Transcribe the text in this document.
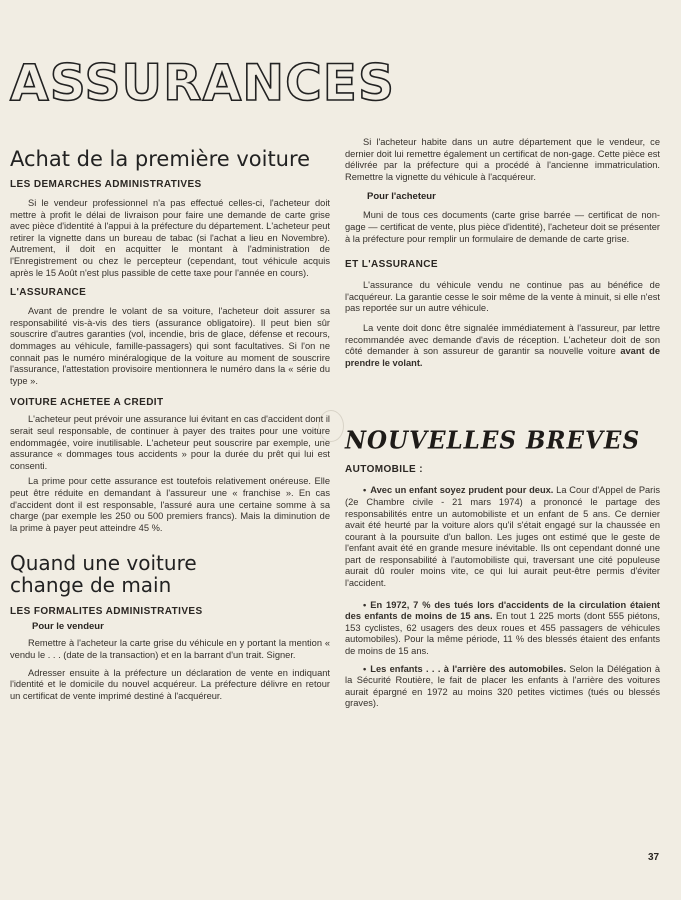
ASSURANCES
Achat de la première voiture
LES DEMARCHES ADMINISTRATIVES

Si le vendeur professionnel n'a pas effectué celles-ci, l'acheteur doit mettre à profit le délai de livraison pour faire une demande de carte grise avec pièce d'identité à l'appui à la préfecture du département. L'acheteur peut retirer la vignette dans un bureau de tabac (si l'achat a lieu en Novembre). Autrement, il doit en acquitter le montant à l'administration de l'Enregistrement ou chez le percepteur (cependant, tout véhicule acquis après le 15 Août n'est plus passible de cette taxe pour l'année en cours).

L'ASSURANCE

Avant de prendre le volant de sa voiture, l'acheteur doit assurer sa responsabilité vis-à-vis des tiers (assurance obligatoire). Il peut bien sûr souscrire d'autres garanties (vol, incendie, bris de glace, défense et recours, dommages au véhicule, famille-passagers) qui sont facultatives. Si l'on ne connait pas le numéro minéralogique de la voiture au moment de souscrire l'assurance, l'attestation provisoire mentionnera le numéro dans la « série du type ».

VOITURE ACHETEE A CREDIT

L'acheteur peut prévoir une assurance lui évitant en cas d'accident dont il serait seul responsable, de continuer à payer des traites pour une voiture endommagée, voire inutilisable. L'acheteur peut souscrire par exemple, une assurance « dommages tous accidents » pour la durée du prêt qui lui est consenti.

La prime pour cette assurance est toutefois relativement onéreuse. Elle peut être réduite en demandant à l'assureur une « franchise ». En cas d'accident dont il est responsable, l'assuré aura une certaine somme à sa charge (par exemple les 250 ou 500 premiers francs). Mais la diminution de la prime à payer peut atteindre 45 %.

Quand une voiture change de main
LES FORMALITES ADMINISTRATIVES
Pour le vendeur

Remettre à l'acheteur la carte grise du véhicule en y portant la mention « vendu le . . . (date de la transaction) et en la barrant d'un trait. Signer.

Adresser ensuite à la préfecture un déclaration de vente en indiquant l'identité et le domicile du nouvel acquéreur. La préfecture délivre en retour un certificat de vente imprimé destiné à l'acquéreur.

Si l'acheteur habite dans un autre département que le vendeur, ce dernier doit lui remettre également un certificat de non-gage. Cette pièce est délivrée par la préfecture qui a procédé à l'ancienne immatriculation. Remettre la vignette du véhicule à l'acquéreur.

Pour l'acheteur

Muni de tous ces documents (carte grise barrée — certificat de non-gage — certificat de vente, plus pièce d'identité), l'acheteur doit se présenter à la préfecture pour remplir un formulaire de demande de carte grise.

ET L'ASSURANCE

L'assurance du véhicule vendu ne continue pas au bénéfice de l'acquéreur. La garantie cesse le soir même de la vente à minuit, si elle n'est pas reportée sur un autre véhicule.

La vente doit donc être signalée immédiatement à l'assureur, par lettre recommandée avec demande d'avis de réception. L'acheteur doit de son côté demander à son assureur de garantir sa nouvelle voiture avant de prendre le volant.

NOUVELLES BREVES
AUTOMOBILE :

• Avec un enfant soyez prudent pour deux. La Cour d'Appel de Paris (2e Chambre civile - 21 mars 1974) a prononcé le partage des responsabilités entre un automobiliste et un enfant de 5 ans. Ce dernier avait été heurté par la voiture alors qu'il s'était engagé sur la chaussée en courant à la poursuite d'un ballon. Les juges ont estimé que le geste de l'enfant avait été en grande mesure inévitable. Ils ont cependant donné une part de responsabilité à l'automobiliste qui, traversant une cité populeuse aurait dû rouler moins vite, ce qui lui aurait peut-être permis d'éviter l'accident.

• En 1972, 7 % des tués lors d'accidents de la circulation étaient des enfants de moins de 15 ans. En tout 1 225 morts (dont 555 piétons, 153 cyclistes, 62 usagers des deux roues et 455 passagers de véhicules automobiles). Pour la même période, 11 % des blessés étaient des enfants de moins de 15 ans.

• Les enfants . . . à l'arrière des automobiles. Selon la Délégation à la Sécurité Routière, le fait de placer les enfants à l'arrière des voitures aurait épargné en 1972 au moins 320 petites victimes (tués ou blessés graves).

37
